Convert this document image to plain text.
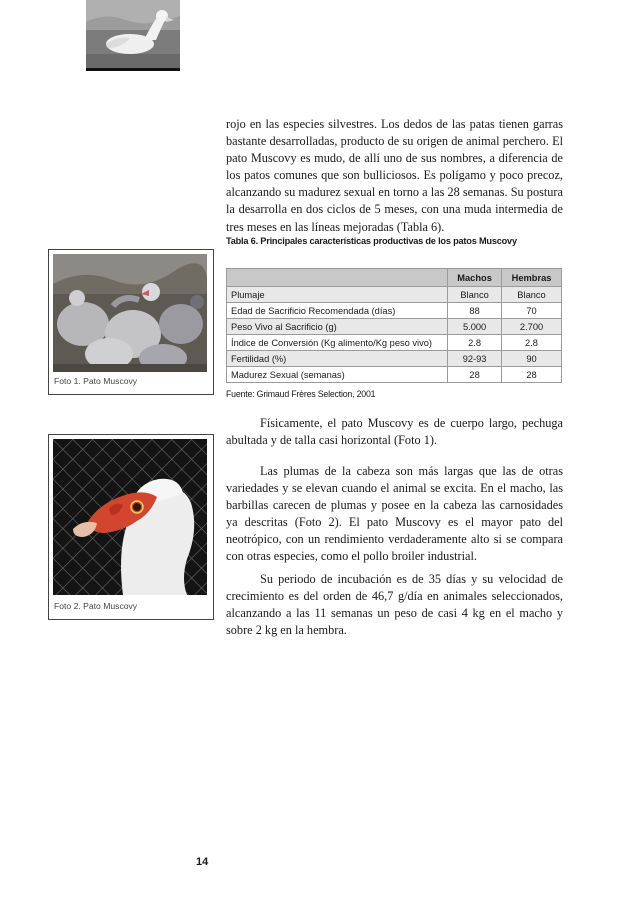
rojo en las especies silvestres. Los dedos de las patas tienen garras bastante desarrolladas, producto de su origen de animal perchero. El pato Muscovy es mudo, de allí uno de sus nombres, a diferencia de los patos comunes que son bulliciosos. Es polígamo y poco precoz, alcanzando su madurez sexual en torno a las 28 semanas. Su postura la desarrolla en dos ciclos de 5 meses, con una muda intermedia de tres meses en las líneas mejoradas (Tabla 6).

Tabla 6. Principales características productivas de los patos Muscovy

	Machos	Hembras
Plumaje	Blanco	Blanco
Edad de Sacrificio Recomendada (días)	88	70
Peso Vivo al Sacrificio (g)	5.000	2.700
Índice de Conversión (Kg alimento/Kg peso vivo)	2.8	2.8
Fertilidad (%)	92-93	90
Madurez Sexual (semanas)	28	28

Fuente: Grimaud Frères Selection, 2001

Foto 1. Pato Muscovy

Físicamente, el pato Muscovy es de cuerpo largo, pechuga abultada y de talla casi horizontal (Foto 1).

Foto 2. Pato Muscovy

Las plumas de la cabeza son más largas que las de otras variedades y se elevan cuando el animal se excita. En el macho, las barbillas carecen de plumas y posee en la cabeza las carnosidades ya descritas (Foto 2). El pato Muscovy es el mayor pato del neotrópico, con un rendimiento verdaderamente alto si se compara con otras especies, como el pollo broiler industrial.

Su periodo de incubación es de 35 días y su velocidad de crecimiento es del orden de 46,7 g/día en animales seleccionados, alcanzando a las 11 semanas un peso de casi 4 kg en el macho y sobre 2 kg en la hembra.

14
